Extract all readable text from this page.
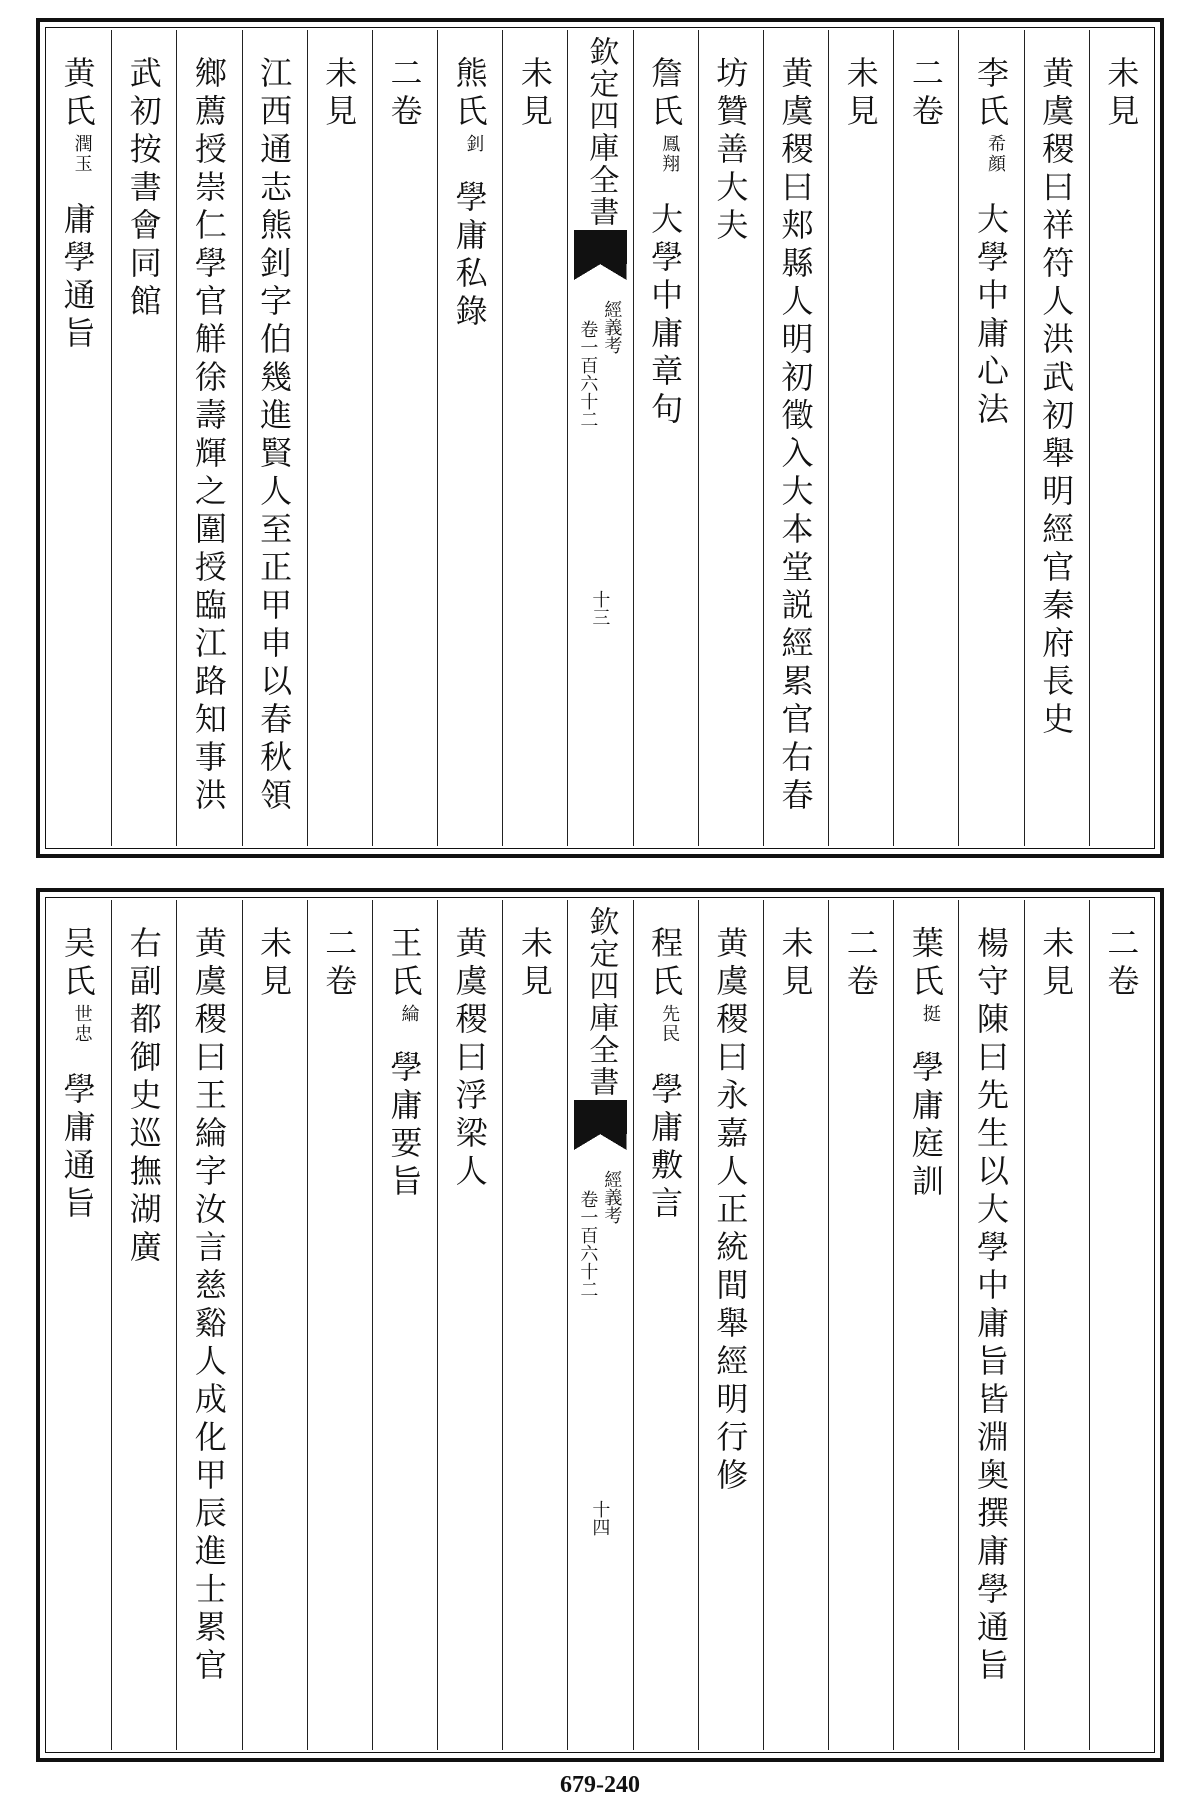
未見
黄虞稷曰祥符人洪武初舉明經官秦府長史
李氏
希顔
大學中庸心法
二卷
未見
黄虞稷曰郏縣人明初徵入大本堂説經累官右春
坊贊善大夫
詹氏
鳳翔
大學中庸章句
欽定四庫全書
經義考
卷一百六十二
十三
未見
熊氏
釗
學庸私錄
二卷
未見
江西通志熊釗字伯幾進賢人至正甲申以春秋領
鄉薦授崇仁學官觧徐壽輝之圍授臨江路知事洪
武初按書會同館
黄氏
潤玉
庸學通旨
二卷
未見
楊守陳曰先生以大學中庸旨皆淵奥撰庸學通旨
葉氏
挺
學庸庭訓
二卷
未見
黄虞稷曰永嘉人正統間舉經明行修
程氏
先民
學庸敷言
欽定四庫全書
經義考
卷一百六十二
十四
未見
黄虞稷曰浮梁人
王氏
綸
學庸要旨
二卷
未見
黄虞稷曰王綸字汝言慈谿人成化甲辰進士累官
右副都御史巡撫湖廣
吴氏
世忠
學庸通旨
679-240
